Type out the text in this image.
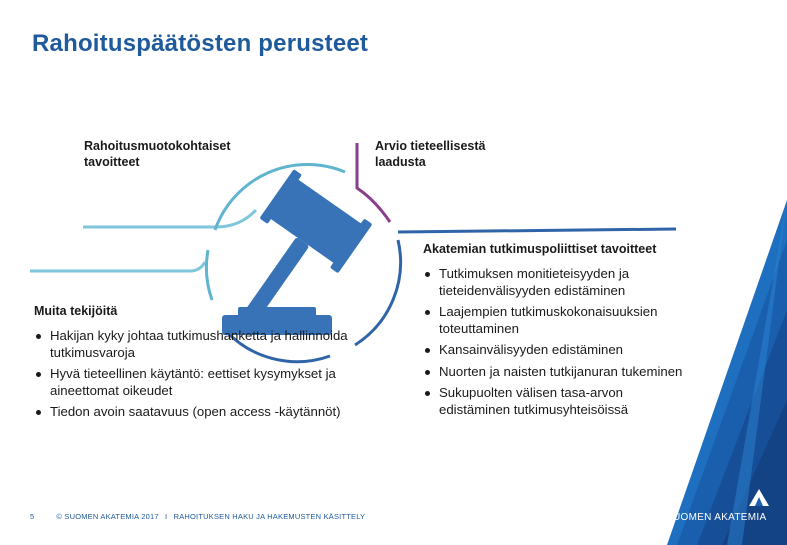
Rahoituspäätösten perusteet
Rahoitusmuotokohtaiset tavoitteet
Arvio tieteellisestä laadusta
Muita tekijöitä
Hakijan kyky johtaa tutkimushanketta ja hallinnoida tutkimusvaroja
Hyvä tieteellinen käytäntö: eettiset kysymykset ja aineettomat oikeudet
Tiedon avoin saatavuus (open access -käytännöt)
Akatemian tutkimuspoliittiset tavoitteet
Tutkimuksen monitieteisyyden ja tieteidenvälisyyden edistäminen
Laajempien tutkimuskokonaisuuksien toteuttaminen
Kansainvälisyyden edistäminen
Nuorten ja naisten tutkijanuran tukeminen
Sukupuolten välisen tasa-arvon edistäminen tutkimusyhteisöissä
5	© SUOMEN AKATEMIA 2017 I RAHOITUKSEN HAKU JA HAKEMUSTEN KÄSITTELY	SUOMEN AKATEMIA
